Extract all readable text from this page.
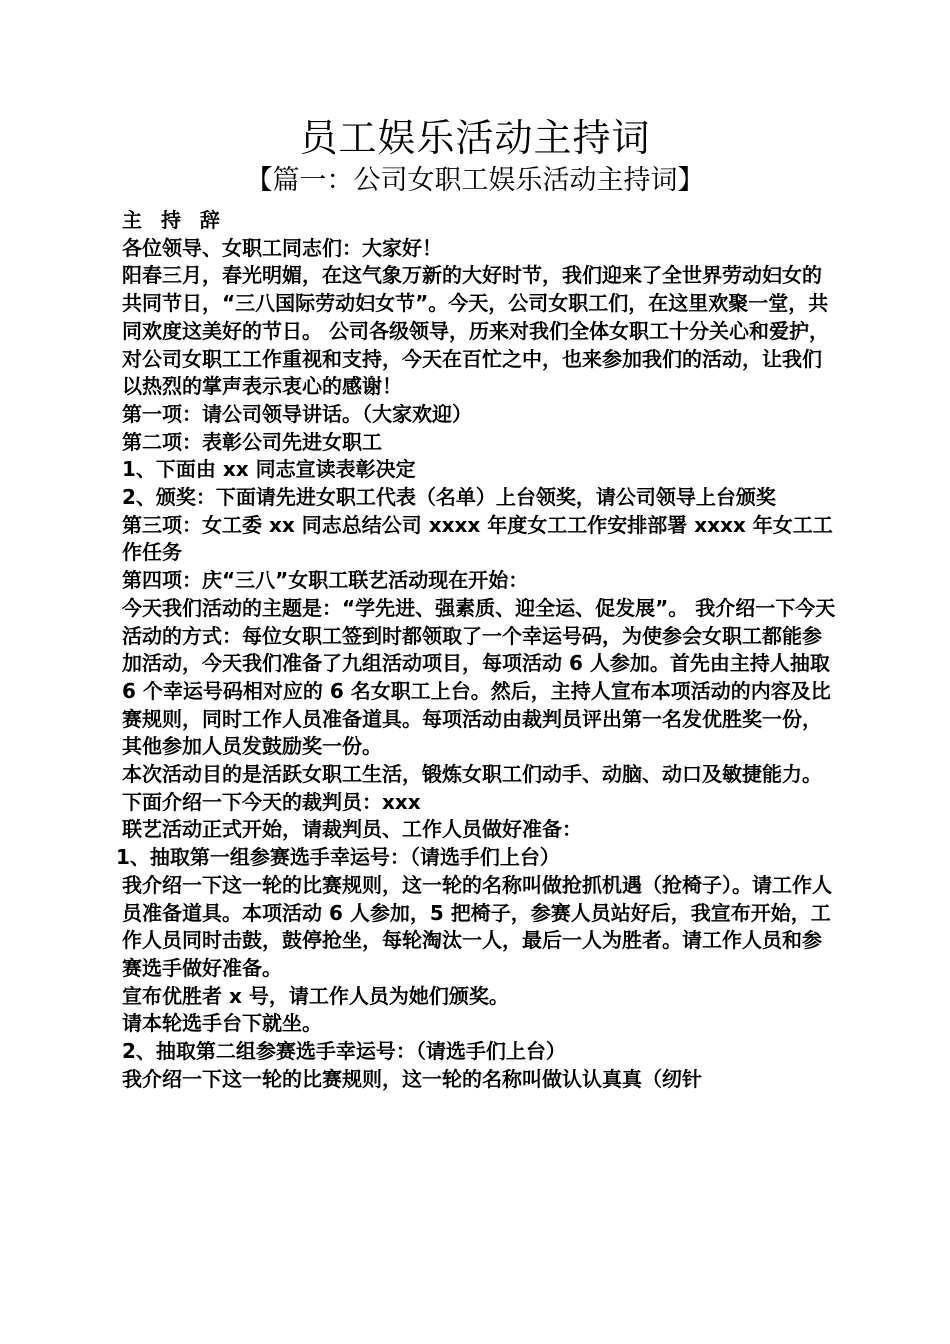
员工娱乐活动主持词
【篇一：公司女职工娱乐活动主持词】

主 持 辞

各位领导、女职工同志们：大家好！

阳春三月，春光明媚，在这气象万新的大好时节，我们迎来了全世界劳动妇女的共同节日，“三八国际劳动妇女节”。今天，公司女职工们，在这里欢聚一堂，共同欢度这美好的节日。 公司各级领导，历来对我们全体女职工十分关心和爱护，对公司女职工工作重视和支持，今天在百忙之中，也来参加我们的活动，让我们以热烈的掌声表示衷心的感谢！

第一项：请公司领导讲话。（大家欢迎）

第二项：表彰公司先进女职工

1、下面由 xx 同志宣读表彰决定

2、颁奖：下面请先进女职工代表（名单）上台领奖，请公司领导上台颁奖

第三项：女工委 xx 同志总结公司 xxxx 年度女工工作安排部署 xxxx 年女工工作任务

第四项：庆“三八”女职工联艺活动现在开始：

今天我们活动的主题是：“学先进、强素质、迎全运、促发展”。 我介绍一下今天活动的方式：每位女职工签到时都领取了一个幸运号码，为使参会女职工都能参加活动，今天我们准备了九组活动项目，每项活动 6 人参加。首先由主持人抽取 6 个幸运号码相对应的 6 名女职工上台。然后，主持人宣布本项活动的内容及比赛规则，同时工作人员准备道具。每项活动由裁判员评出第一名发优胜奖一份，其他参加人员发鼓励奖一份。

本次活动目的是活跃女职工生活，锻炼女职工们动手、动脑、动口及敏捷能力。

下面介绍一下今天的裁判员：xxx

联艺活动正式开始，请裁判员、工作人员做好准备：

1、抽取第一组参赛选手幸运号：（请选手们上台）

我介绍一下这一轮的比赛规则，这一轮的名称叫做抢抓机遇（抢椅子）。请工作人员准备道具。本项活动 6 人参加，5 把椅子，参赛人员站好后，我宣布开始，工作人员同时击鼓，鼓停抢坐，每轮淘汰一人，最后一人为胜者。请工作人员和参赛选手做好准备。

宣布优胜者 x 号，请工作人员为她们颁奖。

请本轮选手台下就坐。

2、抽取第二组参赛选手幸运号：（请选手们上台）

我介绍一下这一轮的比赛规则，这一轮的名称叫做认认真真（纫针
